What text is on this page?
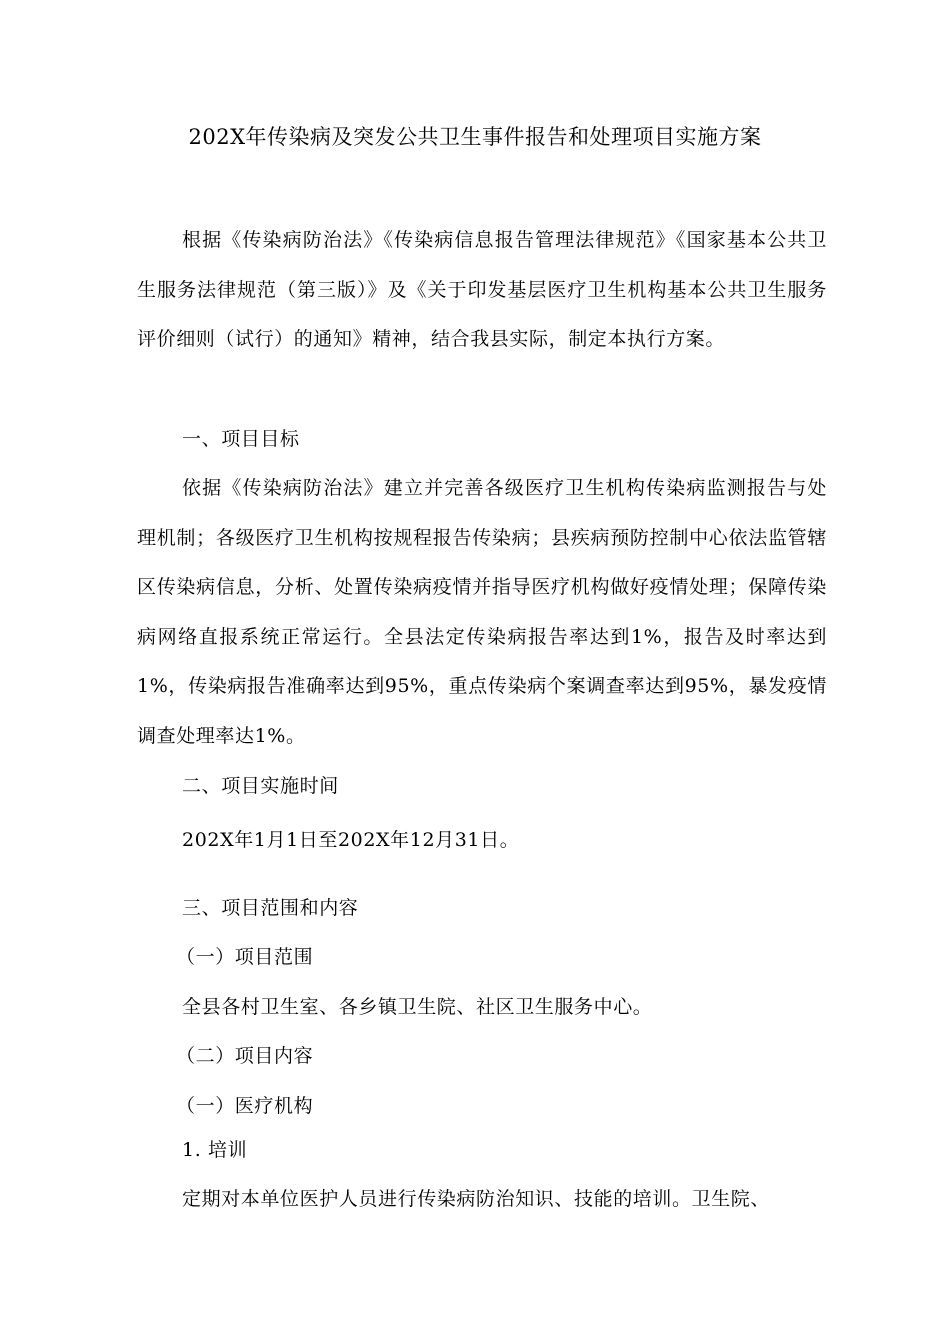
202X年传染病及突发公共卫生事件报告和处理项目实施方案

根据《传染病防治法》《传染病信息报告管理法律规范》《国家基本公共卫生服务法律规范（第三版）》及《关于印发基层医疗卫生机构基本公共卫生服务评价细则（试行）的通知》精神，结合我县实际，制定本执行方案。

一、项目目标

依据《传染病防治法》建立并完善各级医疗卫生机构传染病监测报告与处理机制；各级医疗卫生机构按规程报告传染病；县疾病预防控制中心依法监管辖区传染病信息，分析、处置传染病疫情并指导医疗机构做好疫情处理；保障传染病网络直报系统正常运行。全县法定传染病报告率达到1%，报告及时率达到1%，传染病报告准确率达到95%，重点传染病个案调查率达到95%，暴发疫情调查处理率达1%。

二、项目实施时间

202X年1月1日至202X年12月31日。

三、项目范围和内容

（一）项目范围

全县各村卫生室、各乡镇卫生院、社区卫生服务中心。

（二）项目内容

（一）医疗机构

1. 培训

定期对本单位医护人员进行传染病防治知识、技能的培训。卫生院、
